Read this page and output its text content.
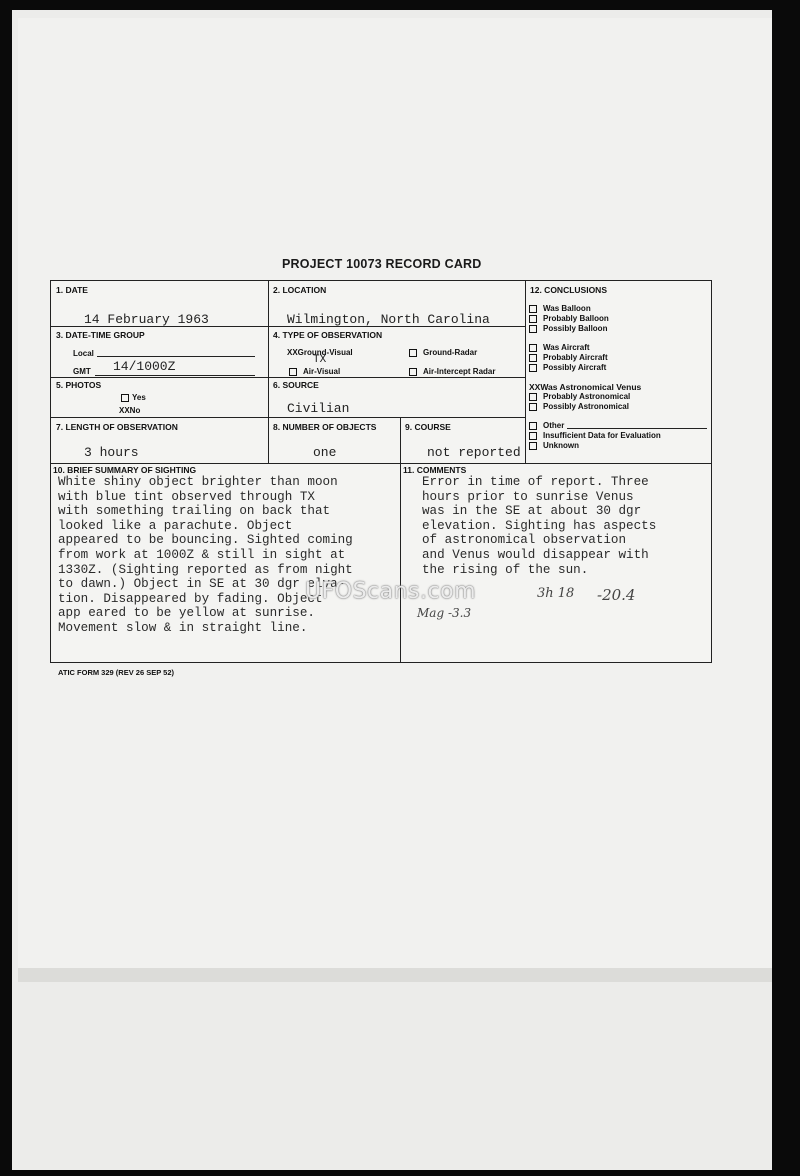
PROJECT 10073 RECORD CARD
1. DATE
14 February 1963
2. LOCATION
Wilmington, North Carolina
3. DATE-TIME GROUP
Local
GMT 14/1000Z
4. TYPE OF OBSERVATION
XXGround-Visual	Ground-Radar
TX
Air-Visual	Air-Intercept Radar
5. PHOTOS
Yes
XXNo
6. SOURCE
Civilian
7. LENGTH OF OBSERVATION
3 hours
8. NUMBER OF OBJECTS
one
9. COURSE
not reported
12. CONCLUSIONS
Was Balloon
Probably Balloon
Possibly Balloon
Was Aircraft
Probably Aircraft
Possibly Aircraft
XXWas Astronomical Venus
Probably Astronomical
Possibly Astronomical
Other
Insufficient Data for Evaluation
Unknown
10. BRIEF SUMMARY OF SIGHTING
White shiny object brighter than moon
with blue tint observed through TX
with something trailing on back that
looked like a parachute. Object
appeared to be bouncing. Sighted coming
from work at 1000Z & still in sight at
1330Z. (Sighting reported as from night
to dawn.) Object in SE at 30 dgr elva-
tion. Disappeared by fading. Object
app eared to be yellow at sunrise.
Movement slow & in straight line.
11. COMMENTS
Error in time of report. Three
hours prior to sunrise Venus
was in the SE at about 30 dgr
elevation. Sighting has aspects
of astronomical observation
and Venus would disappear with
the rising of the sun.
3h 18 -20.4
Mag -3.3
UFOScans.com
ATIC FORM 329 (REV 26 SEP 52)
